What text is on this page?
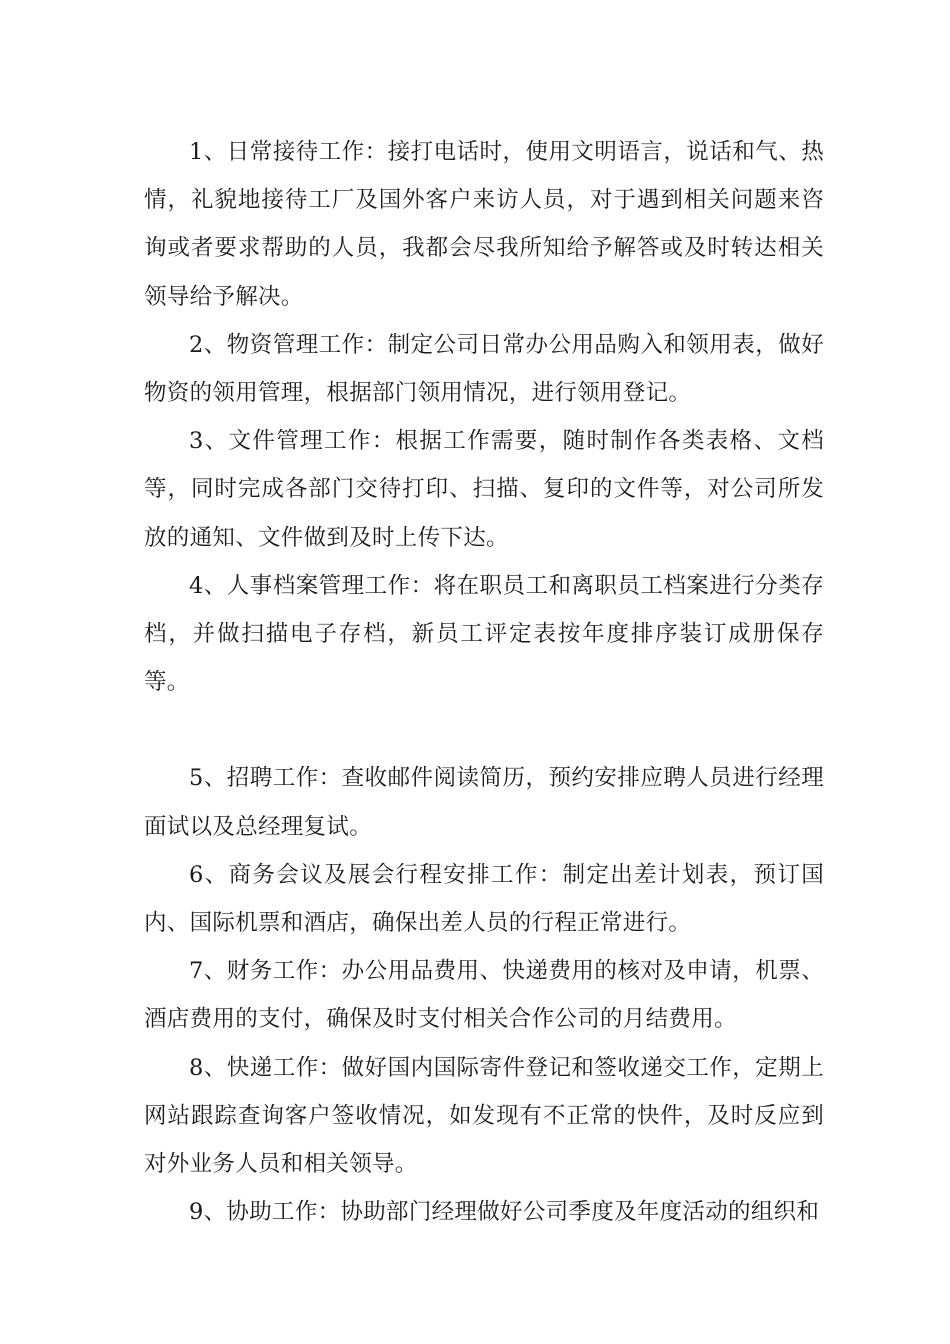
1、日常接待工作：接打电话时，使用文明语言，说话和气、热情，礼貌地接待工厂及国外客户来访人员，对于遇到相关问题来咨询或者要求帮助的人员，我都会尽我所知给予解答或及时转达相关领导给予解决。

2、物资管理工作：制定公司日常办公用品购入和领用表，做好物资的领用管理，根据部门领用情况，进行领用登记。

3、文件管理工作：根据工作需要，随时制作各类表格、文档等，同时完成各部门交待打印、扫描、复印的文件等，对公司所发放的通知、文件做到及时上传下达。

4、人事档案管理工作：将在职员工和离职员工档案进行分类存档，并做扫描电子存档，新员工评定表按年度排序装订成册保存等。

5、招聘工作：查收邮件阅读简历，预约安排应聘人员进行经理面试以及总经理复试。

6、商务会议及展会行程安排工作：制定出差计划表，预订国内、国际机票和酒店，确保出差人员的行程正常进行。

7、财务工作：办公用品费用、快递费用的核对及申请，机票、酒店费用的支付，确保及时支付相关合作公司的月结费用。

8、快递工作：做好国内国际寄件登记和签收递交工作，定期上网站跟踪查询客户签收情况，如发现有不正常的快件，及时反应到对外业务人员和相关领导。

9、协助工作：协助部门经理做好公司季度及年度活动的组织和
